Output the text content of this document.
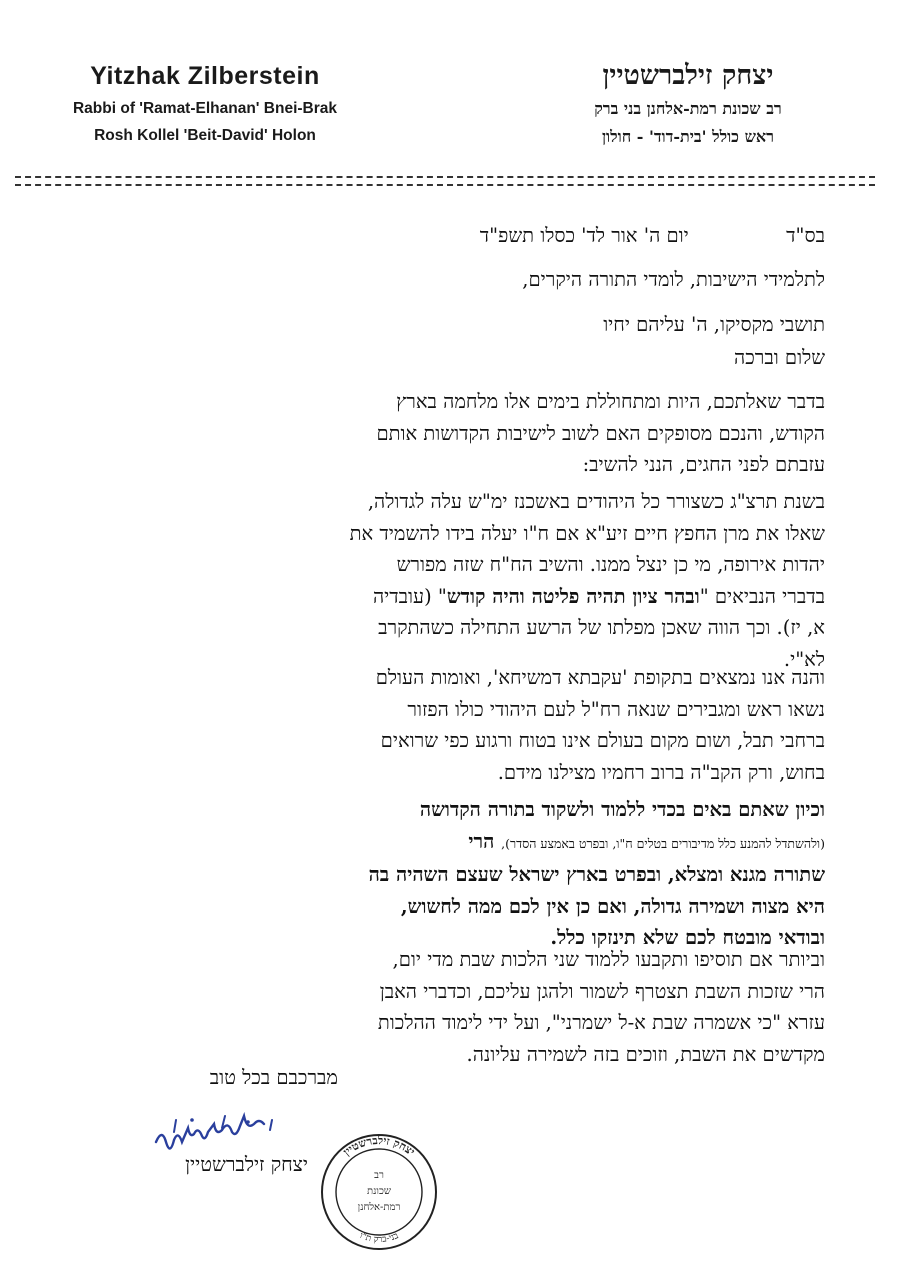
Yitzhak Zilberstein
Rabbi of 'Ramat-Elhanan' Bnei-Brak
Rosh Kollel 'Beit-David' Holon
יצחק זילברשטיין
רב שכונת רמת-אלחנן בני ברק
ראש כולל 'בית-דוד' - חולון
בס"ד  יום ה' אור לד' כסלו תשפ"ד
לתלמידי הישיבות, לומדי התורה היקרים,
תושבי מקסיקו, ה' עליהם יחיו
שלום וברכה
בדבר שאלתכם, היות ומתחוללת בימים אלו מלחמה בארץ
הקודש, והנכם מסופקים האם לשוב לישיבות הקדושות אותם
עזבתם לפני החגים, הנני להשיב:
בשנת תרצ"ג כשצורר כל היהודים באשכנז ימ"ש עלה לגדולה,
שאלו את מרן החפץ חיים זיע"א אם ח"ו יעלה בידו להשמיד את
יהדות אירופה, מי כן ינצל ממנו. והשיב הח"ח שזה מפורש
בדברי הנביאים "ובהר ציון תהיה פליטה והיה קודש" (עובדיה
א, יז). וכך הווה שאכן מפלתו של הרשע התחילה כשהתקרב
לא"י.
והנה אנו נמצאים בתקופת 'עקבתא דמשיחא', ואומות העולם
נשאו ראש ומגבירים שנאה רח"ל לעם היהודי כולו הפזור
ברחבי תבל, ושום מקום בעולם אינו בטוח ורגוע כפי שרואים
בחוש, ורק הקב"ה ברוב רחמיו מצילנו מידם.
וכיון שאתם באים בכדי ללמוד ולשקוד בתורה הקדושה
(ולהשתדל להמנע כלל מדיבורים בטלים ח"ו, ובפרט באמצע הסדר), הרי
שתורה מגנא ומצלא, ובפרט בארץ ישראל שעצם השהיה בה
היא מצוה ושמירה גדולה, ואם כן אין לכם ממה לחשוש,
ובודאי מובטח לכם שלא תינזקו כלל.
וביותר אם תוסיפו ותקבעו ללמוד שני הלכות שבת מדי יום,
הרי שזכות השבת תצטרף לשמור ולהגן עליכם, וכדברי האבן
עזרא "כי אשמרה שבת א-ל ישמרני", ועל ידי לימוד ההלכות
מקדשים את השבת, וזוכים בזה לשמירה עליונה.
מברכבם בכל טוב
יצחק זילברשטיין
יצחק זילברשטיין
בני-ברק ת"ו
רב
שכונת
רמת-אלחנן
